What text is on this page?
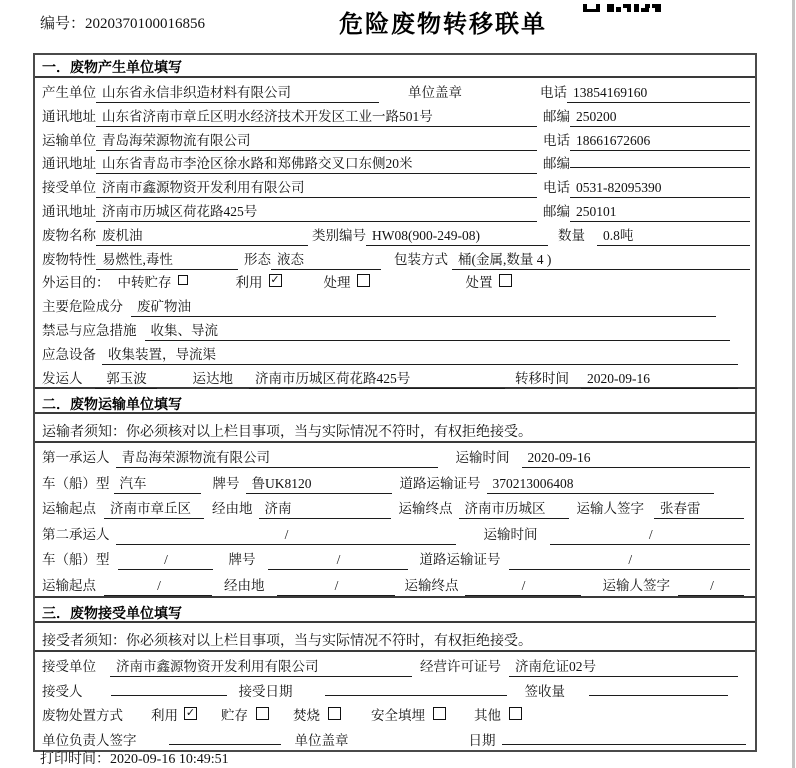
编号：2020370100016856	危险废物转移联单
一．废物产生单位填写
产生单位 山东省永信非织造材料有限公司	单位盖章	电话 13854169160
通讯地址 山东省济南市章丘区明水经济技术开发区工业一路501号	邮编 250200
运输单位 青岛海荣源物流有限公司	电话 18661672606
通讯地址 山东省青岛市李沧区徐水路和郑佛路交叉口东侧20米	邮编
接受单位 济南市鑫源物资开发利用有限公司	电话 0531-82095390
通讯地址 济南市历城区荷花路425号	邮编 250101
废物名称 废机油	类别编号 HW08(900-249-08)	数量	0.8吨
废物特性 易燃性,毒性	形态 液态	包装方式 桶(金属,数量 4 )
外运目的： 中转贮存	利用 ✓	处理	处置
主要危险成分	废矿物油
禁忌与应急措施	收集、导流
应急设备 收集装置，导流渠
发运人	郭玉波	运达地	济南市历城区荷花路425号	转移时间	2020-09-16
二．废物运输单位填写
运输者须知：你必须核对以上栏目事项，当与实际情况不符时，有权拒绝接受。
第一承运人 青岛海荣源物流有限公司	运输时间	2020-09-16
车（船）型 汽车	牌号 鲁UK8120	道路运输证号 370213006408
运输起点	济南市章丘区	经由地 济南	运输终点 济南市历城区	运输人签字	张春雷
第二承运人	/	运输时间	/
车（船）型	/	牌号	/	道路运输证号	/
运输起点	/	经由地	/	运输终点	/	运输人签字	/
三．废物接受单位填写
接受者须知：你必须核对以上栏目事项，当与实际情况不符时，有权拒绝接受。
接受单位	济南市鑫源物资开发利用有限公司	经营许可证号	济南危证02号
接受人	接受日期	签收量
废物处置方式 利用 ✓ 贮存	焚烧	安全填埋	其他
单位负责人签字	单位盖章	日期
打印时间：2020-09-16 10:49:51
